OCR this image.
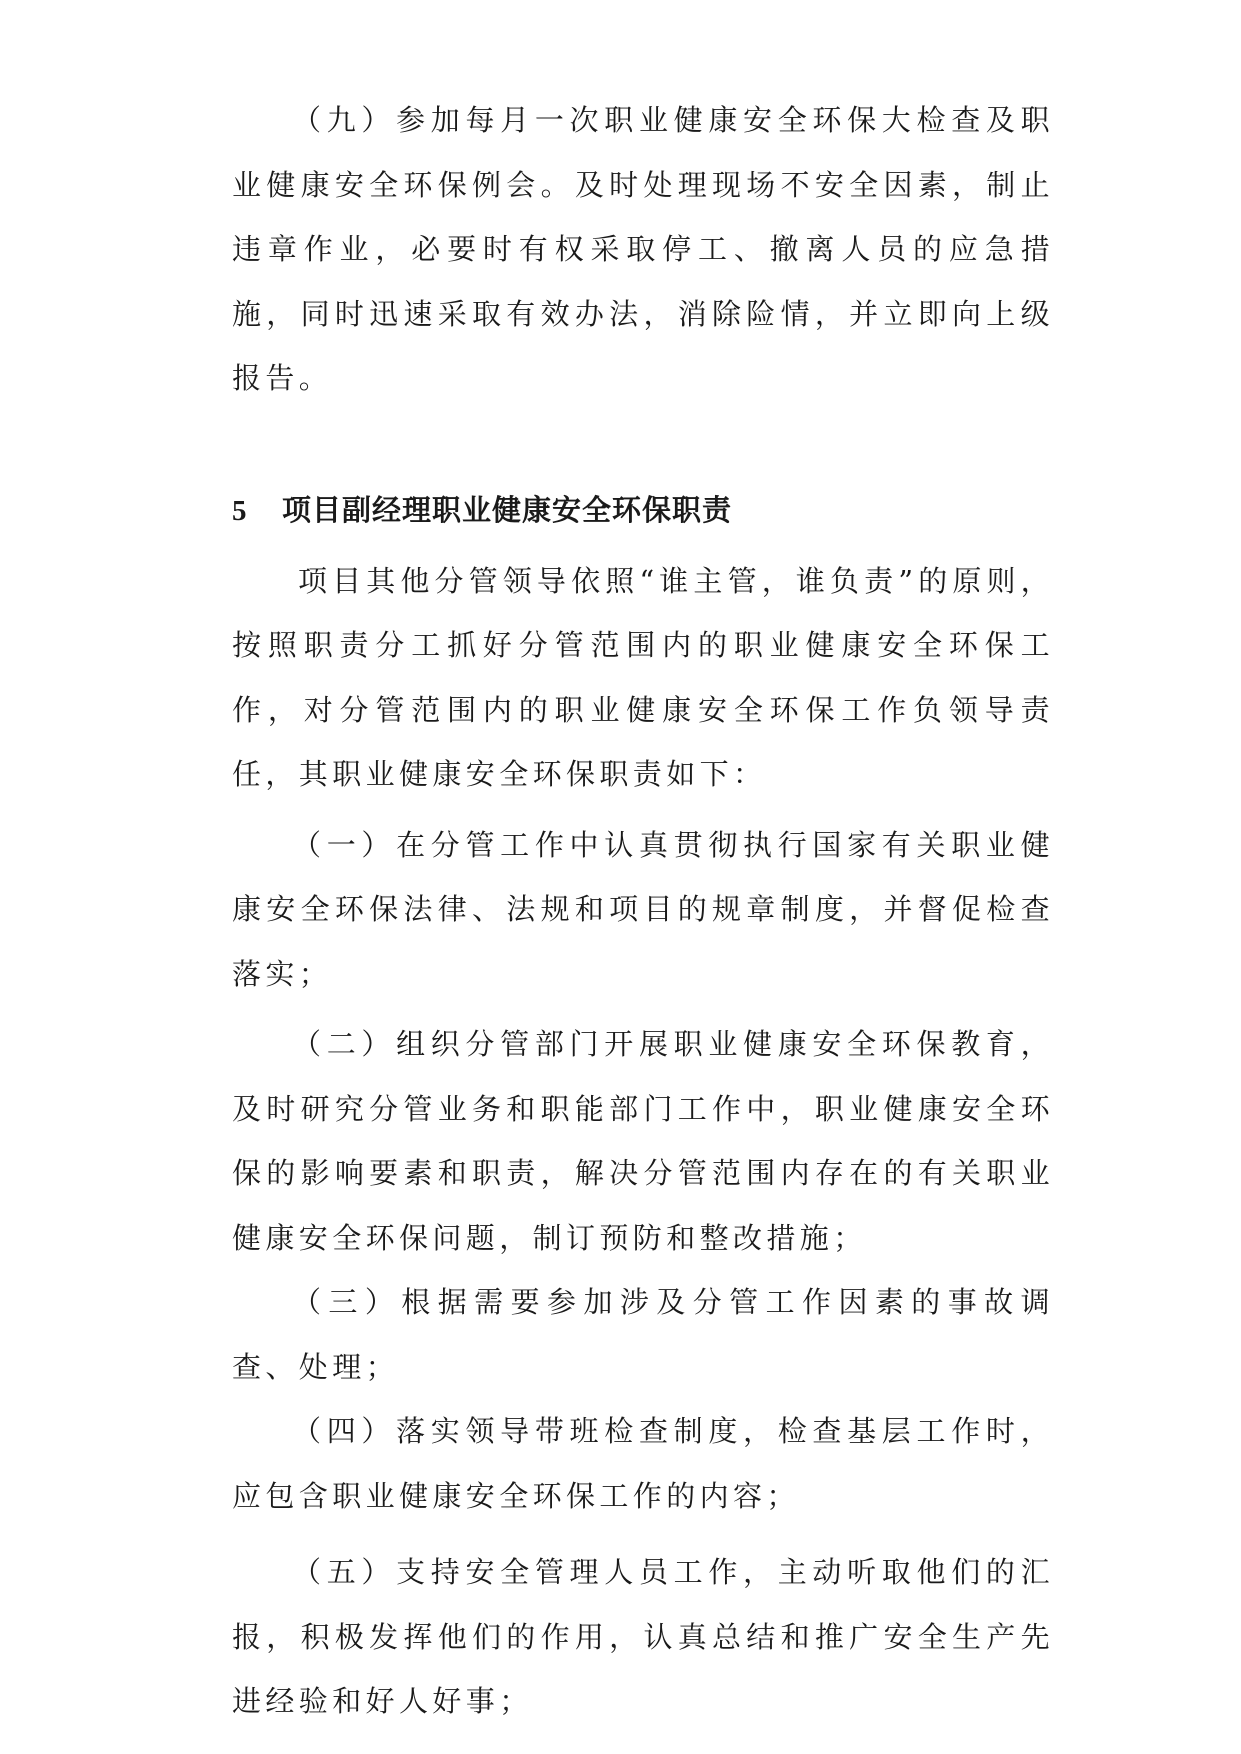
（九）参加每月一次职业健康安全环保大检查及职业健康安全环保例会。及时处理现场不安全因素，制止违章作业，必要时有权采取停工、撤离人员的应急措施，同时迅速采取有效办法，消除险情，并立即向上级报告。

5	项目副经理职业健康安全环保职责

项目其他分管领导依照“谁主管，谁负责”的原则，按照职责分工抓好分管范围内的职业健康安全环保工作，对分管范围内的职业健康安全环保工作负领导责任，其职业健康安全环保职责如下：

（一）在分管工作中认真贯彻执行国家有关职业健康安全环保法律、法规和项目的规章制度，并督促检查落实；

（二）组织分管部门开展职业健康安全环保教育，及时研究分管业务和职能部门工作中，职业健康安全环保的影响要素和职责，解决分管范围内存在的有关职业健康安全环保问题，制订预防和整改措施；

（三）根据需要参加涉及分管工作因素的事故调查、处理；

（四）落实领导带班检查制度，检查基层工作时，应包含职业健康安全环保工作的内容；

（五）支持安全管理人员工作，主动听取他们的汇报，积极发挥他们的作用，认真总结和推广安全生产先进经验和好人好事；
